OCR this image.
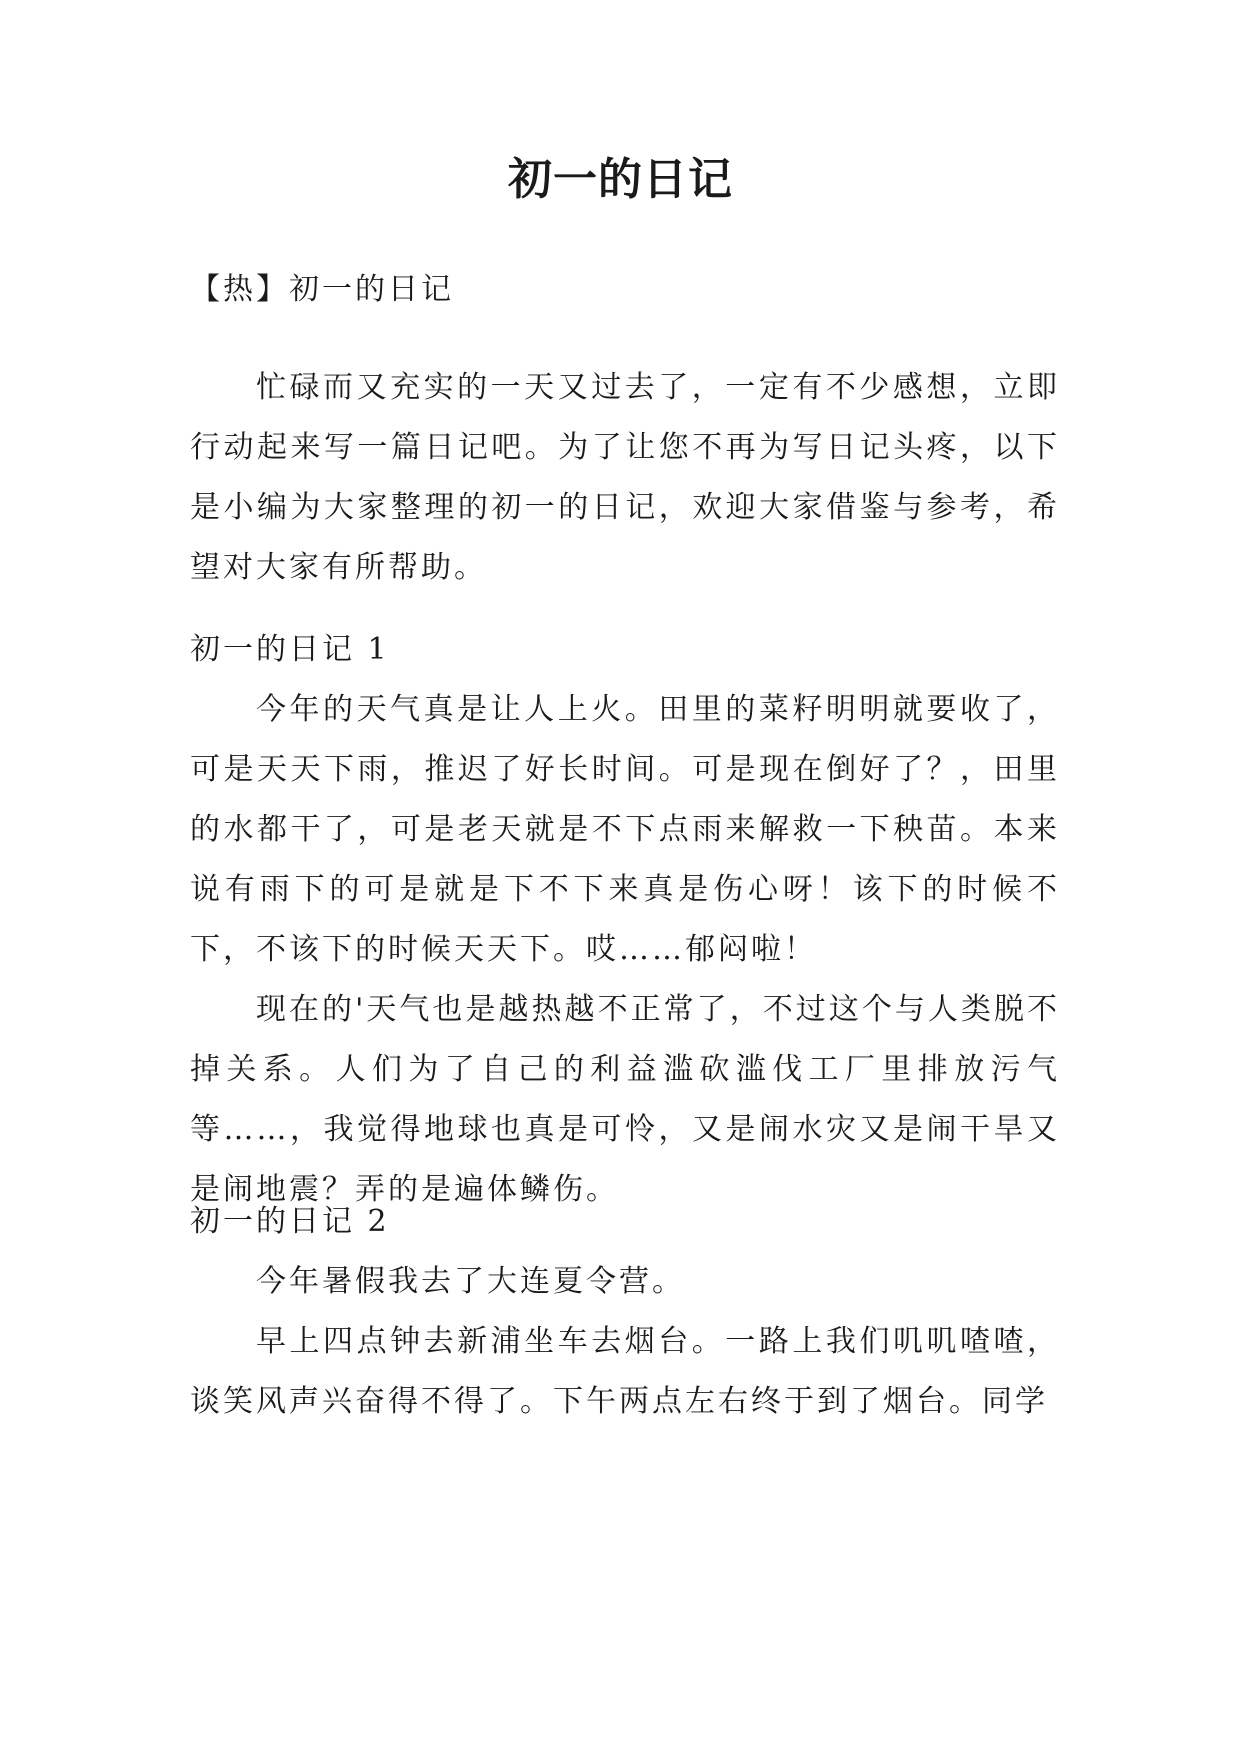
初一的日记

【热】初一的日记

忙碌而又充实的一天又过去了，一定有不少感想，立即行动起来写一篇日记吧。为了让您不再为写日记头疼，以下是小编为大家整理的初一的日记，欢迎大家借鉴与参考，希望对大家有所帮助。

初一的日记 1

今年的天气真是让人上火。田里的菜籽明明就要收了，可是天天下雨，推迟了好长时间。可是现在倒好了？，田里的水都干了，可是老天就是不下点雨来解救一下秧苗。本来说有雨下的可是就是下不下来真是伤心呀！该下的时候不下，不该下的时候天天下。哎……郁闷啦！

现在的'天气也是越热越不正常了，不过这个与人类脱不掉关系。人们为了自己的利益滥砍滥伐工厂里排放污气等……，我觉得地球也真是可怜，又是闹水灾又是闹干旱又是闹地震？弄的是遍体鳞伤。

初一的日记 2

今年暑假我去了大连夏令营。

早上四点钟去新浦坐车去烟台。一路上我们叽叽喳喳，谈笑风声兴奋得不得了。下午两点左右终于到了烟台。同学
